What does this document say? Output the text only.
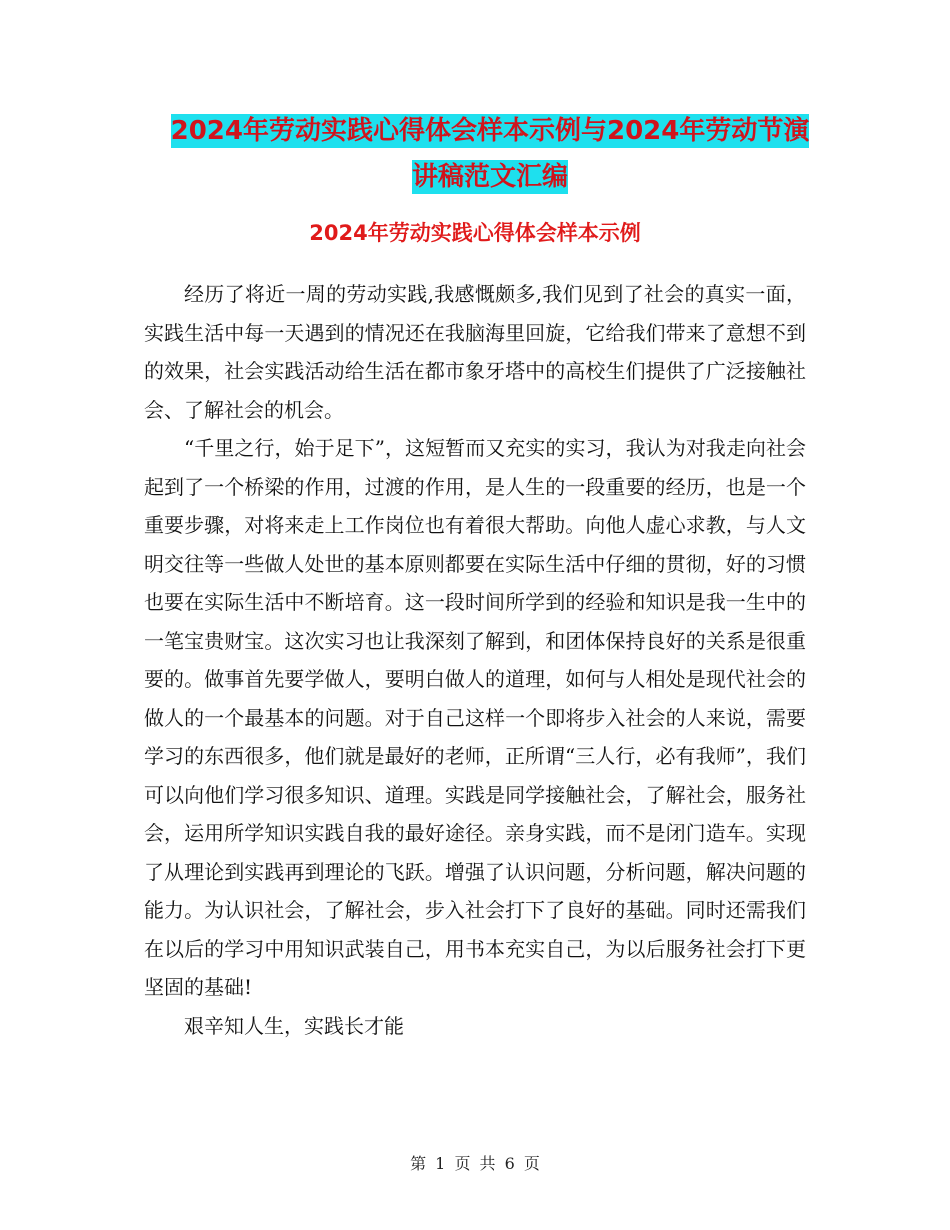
2024年劳动实践心得体会样本示例与2024年劳动节演
讲稿范文汇编
2024年劳动实践心得体会样本示例

经历了将近一周的劳动实践,我感慨颇多,我们见到了社会的真实一面，实践生活中每一天遇到的情况还在我脑海里回旋，它给我们带来了意想不到的效果，社会实践活动给生活在都市象牙塔中的高校生们提供了广泛接触社会、了解社会的机会。

“千里之行，始于足下”，这短暂而又充实的实习，我认为对我走向社会起到了一个桥梁的作用，过渡的作用，是人生的一段重要的经历，也是一个重要步骤，对将来走上工作岗位也有着很大帮助。向他人虚心求教，与人文明交往等一些做人处世的基本原则都要在实际生活中仔细的贯彻，好的习惯也要在实际生活中不断培育。这一段时间所学到的经验和知识是我一生中的一笔宝贵财宝。这次实习也让我深刻了解到，和团体保持良好的关系是很重要的。做事首先要学做人，要明白做人的道理，如何与人相处是现代社会的做人的一个最基本的问题。对于自己这样一个即将步入社会的人来说，需要学习的东西很多，他们就是最好的老师，正所谓“三人行，必有我师”，我们可以向他们学习很多知识、道理。实践是同学接触社会，了解社会，服务社会，运用所学知识实践自我的最好途径。亲身实践，而不是闭门造车。实现了从理论到实践再到理论的飞跃。增强了认识问题，分析问题，解决问题的能力。为认识社会，了解社会，步入社会打下了良好的基础。同时还需我们在以后的学习中用知识武装自己，用书本充实自己，为以后服务社会打下更坚固的基础!

艰辛知人生，实践长才能

第 1 页 共 6 页
